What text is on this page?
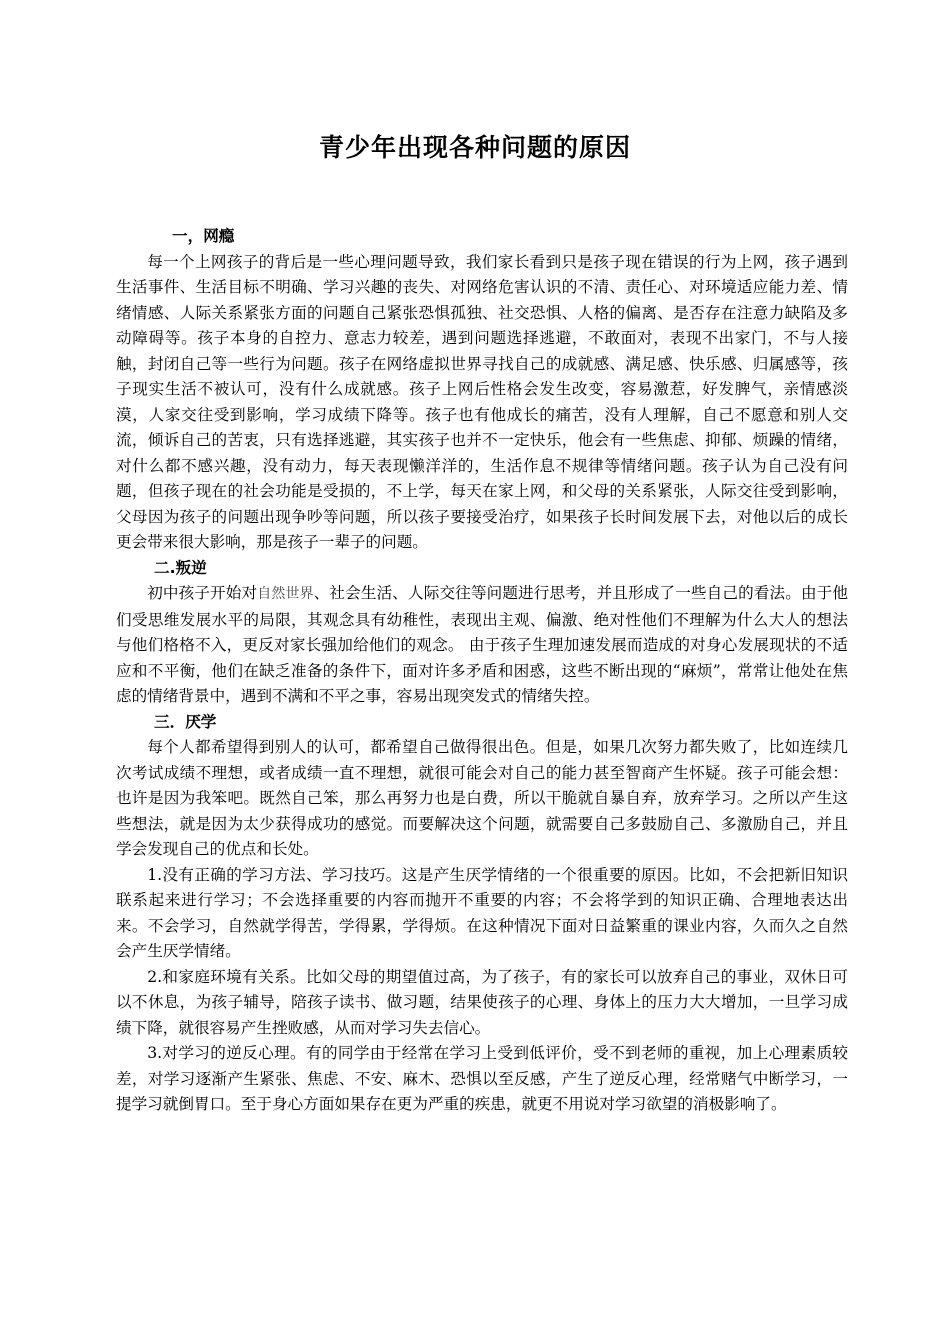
青少年出现各种问题的原因
一，网瘾

每一个上网孩子的背后是一些心理问题导致，我们家长看到只是孩子现在错误的行为上网，孩子遇到生活事件、生活目标不明确、学习兴趣的丧失、对网络危害认识的不清、责任心、对环境适应能力差、情绪情感、人际关系紧张方面的问题自己紧张恐惧孤独、社交恐惧、人格的偏离、是否存在注意力缺陷及多动障碍等。孩子本身的自控力、意志力较差，遇到问题选择逃避，不敢面对，表现不出家门，不与人接触，封闭自己等一些行为问题。孩子在网络虚拟世界寻找自己的成就感、满足感、快乐感、归属感等，孩子现实生活不被认可，没有什么成就感。孩子上网后性格会发生改变，容易激惹，好发脾气，亲情感淡漠，人家交往受到影响，学习成绩下降等。孩子也有他成长的痛苦，没有人理解，自己不愿意和别人交流，倾诉自己的苦衷，只有选择逃避，其实孩子也并不一定快乐，他会有一些焦虑、抑郁、烦躁的情绪，对什么都不感兴趣，没有动力，每天表现懒洋洋的，生活作息不规律等情绪问题。孩子认为自己没有问题，但孩子现在的社会功能是受损的，不上学，每天在家上网，和父母的关系紧张，人际交往受到影响，父母因为孩子的问题出现争吵等问题，所以孩子要接受治疗，如果孩子长时间发展下去，对他以后的成长更会带来很大影响，那是孩子一辈子的问题。

二.叛逆

初中孩子开始对自然世界、社会生活、人际交往等问题进行思考，并且形成了一些自己的看法。由于他们受思维发展水平的局限，其观念具有幼稚性，表现出主观、偏激、绝对性他们不理解为什么大人的想法与他们格格不入，更反对家长强加给他们的观念。 由于孩子生理加速发展而造成的对身心发展现状的不适应和不平衡，他们在缺乏准备的条件下，面对许多矛盾和困惑，这些不断出现的“麻烦”，常常让他处在焦虑的情绪背景中，遇到不满和不平之事，容易出现突发式的情绪失控。

三．厌学

每个人都希望得到别人的认可，都希望自己做得很出色。但是，如果几次努力都失败了，比如连续几次考试成绩不理想，或者成绩一直不理想，就很可能会对自己的能力甚至智商产生怀疑。孩子可能会想：也许是因为我笨吧。既然自己笨，那么再努力也是白费，所以干脆就自暴自弃，放弃学习。之所以产生这些想法，就是因为太少获得成功的感觉。而要解决这个问题，就需要自己多鼓励自己、多激励自己，并且学会发现自己的优点和长处。

1.没有正确的学习方法、学习技巧。这是产生厌学情绪的一个很重要的原因。比如，不会把新旧知识联系起来进行学习；不会选择重要的内容而抛开不重要的内容；不会将学到的知识正确、合理地表达出来。不会学习，自然就学得苦，学得累，学得烦。在这种情况下面对日益繁重的课业内容，久而久之自然会产生厌学情绪。

2.和家庭环境有关系。比如父母的期望值过高，为了孩子，有的家长可以放弃自己的事业，双休日可以不休息，为孩子辅导，陪孩子读书、做习题，结果使孩子的心理、身体上的压力大大增加，一旦学习成绩下降，就很容易产生挫败感，从而对学习失去信心。

3.对学习的逆反心理。有的同学由于经常在学习上受到低评价，受不到老师的重视，加上心理素质较差，对学习逐渐产生紧张、焦虑、不安、麻木、恐惧以至反感，产生了逆反心理，经常赌气中断学习，一提学习就倒胃口。至于身心方面如果存在更为严重的疾患，就更不用说对学习欲望的消极影响了。
